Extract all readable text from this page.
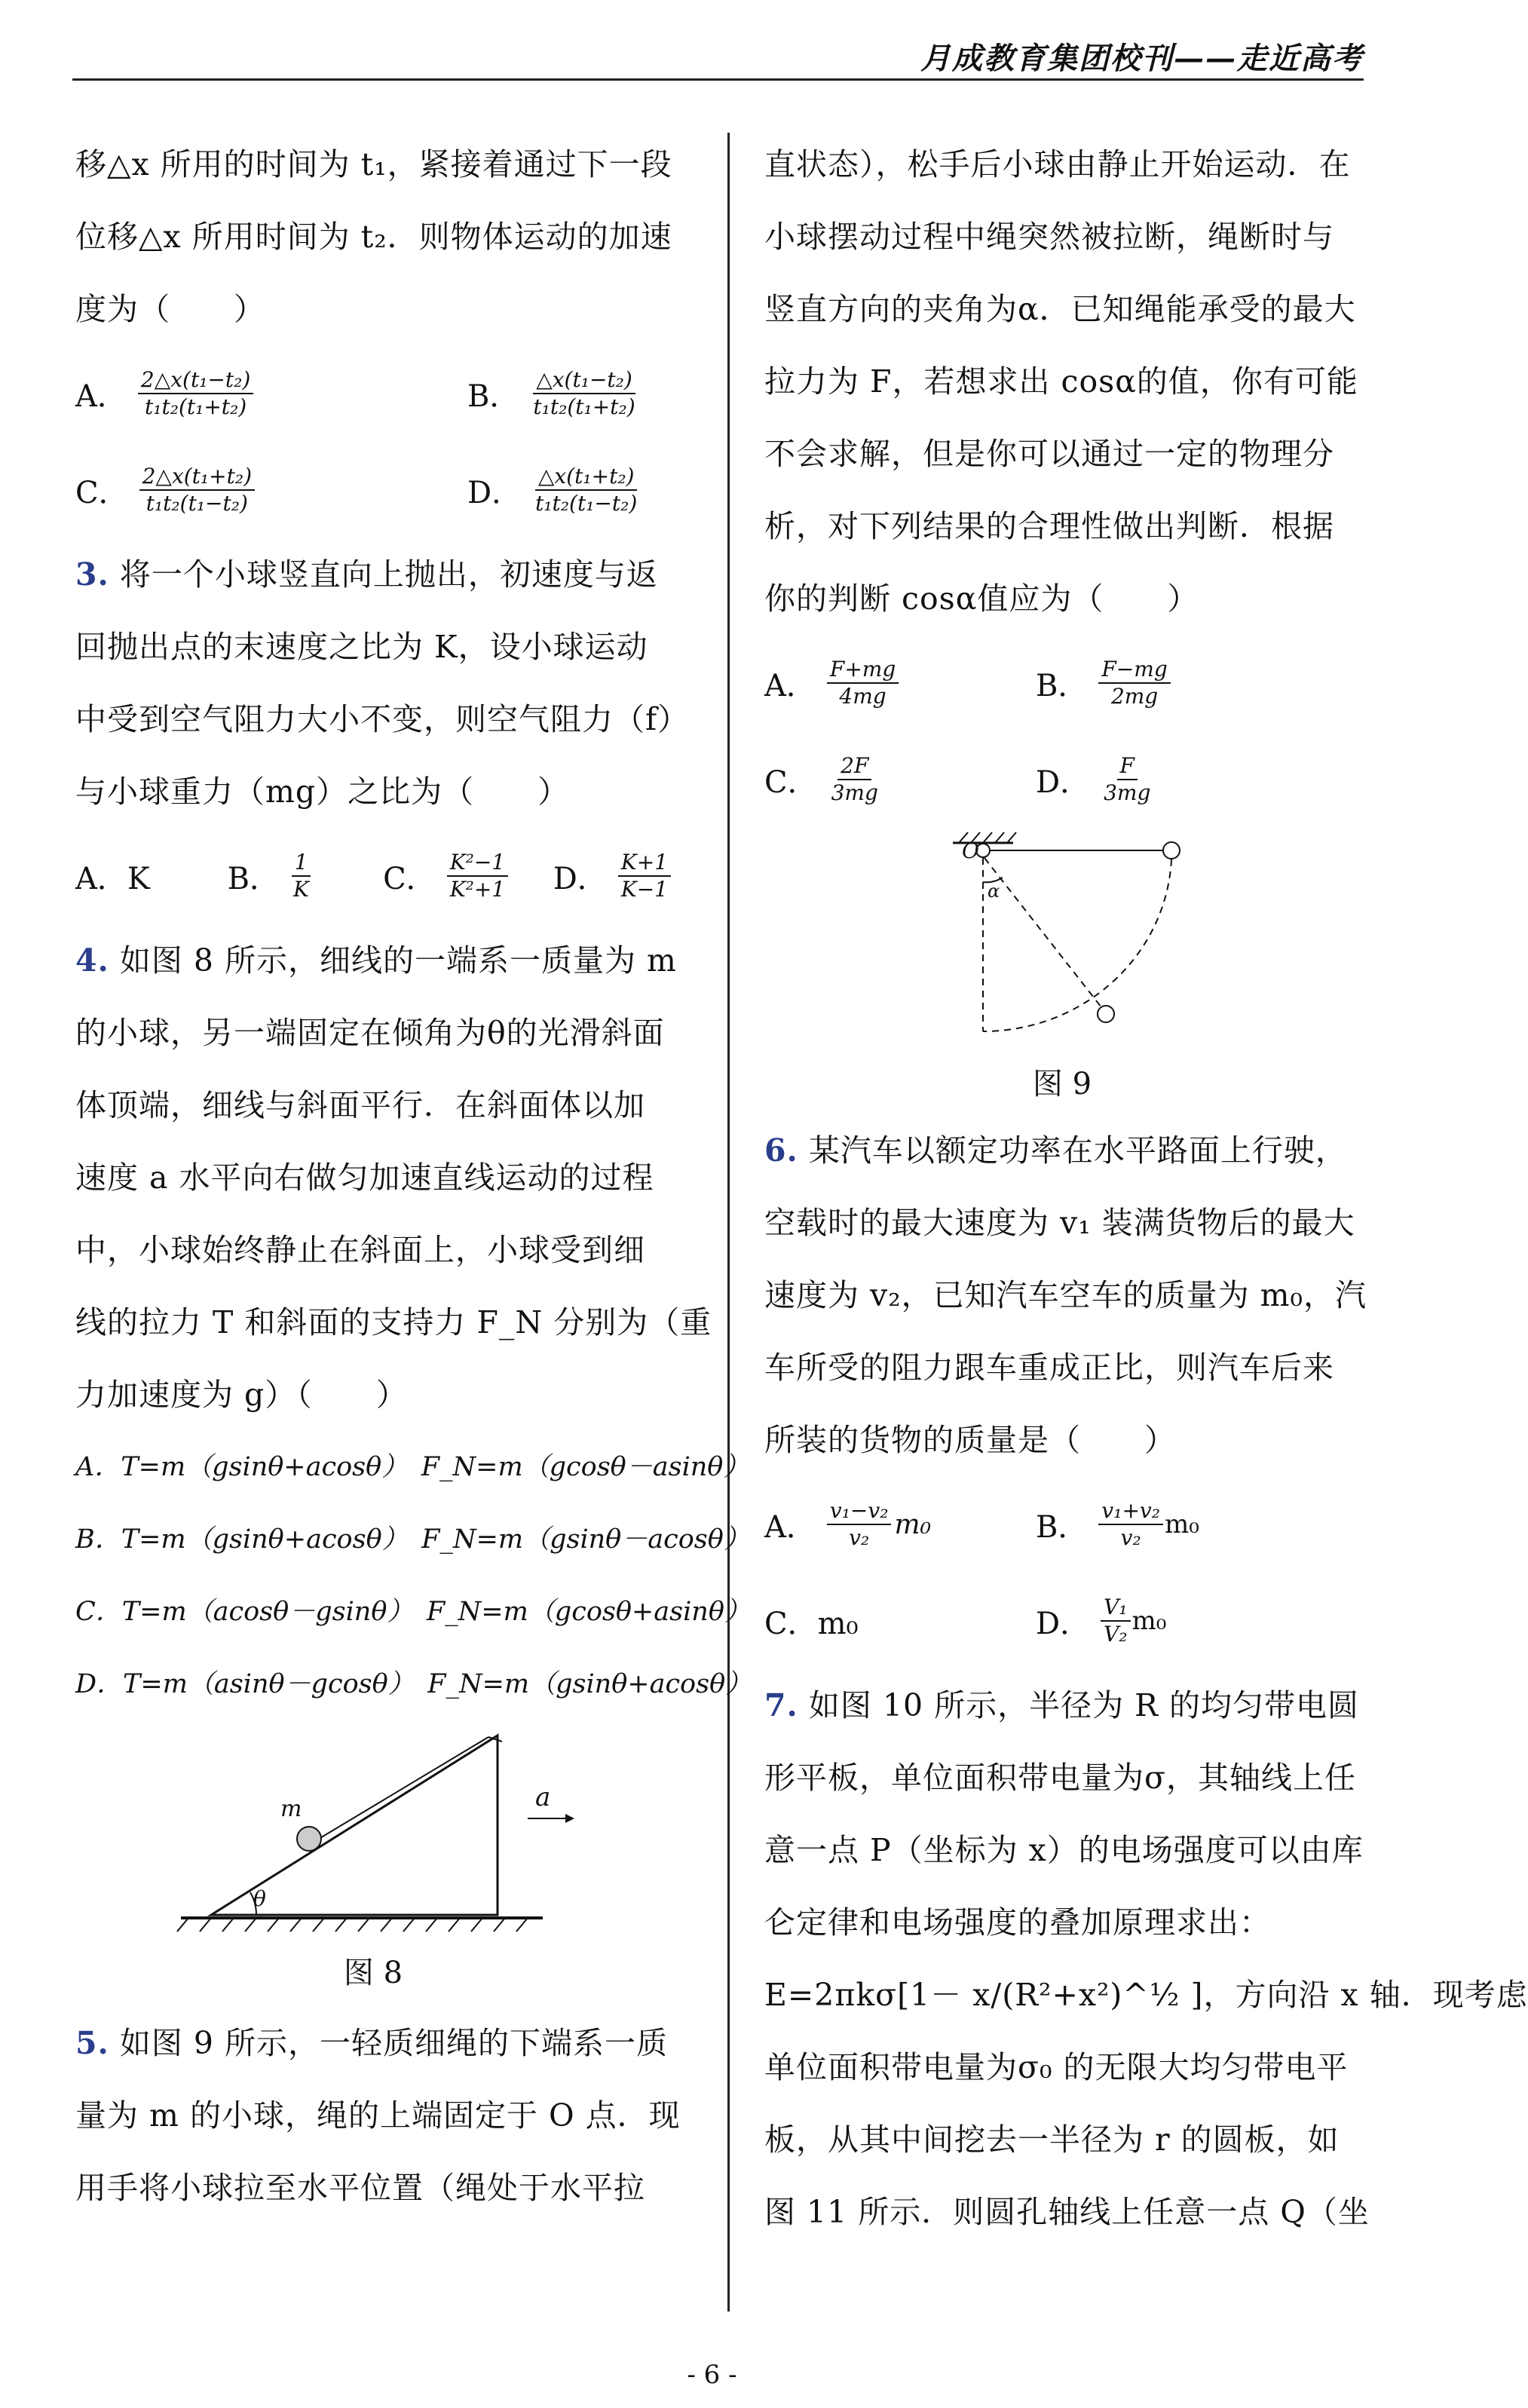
月成教育集团校刊——走近高考
移△x 所用的时间为 t₁，紧接着通过下一段
位移△x 所用时间为 t₂．则物体运动的加速
度为（　　）
A． $\frac{\text{2△x(t₁−t₂)}}{\text{t₁t₂(t₁+t₂)}}$	B． $\frac{\text{△x(t₁−t₂)}}{\text{t₁t₂(t₁+t₂)}}$
C． $\frac{\text{2△x(t₁+t₂)}}{\text{t₁t₂(t₁−t₂)}}$	D． $\frac{\text{△x(t₁+t₂)}}{\text{t₁t₂(t₁−t₂)}}$
3. 将一个小球竖直向上抛出，初速度与返
回抛出点的末速度之比为 K，设小球运动
中受到空气阻力大小不变，则空气阻力（f）
与小球重力（mg）之比为（　　）
A．K	B． $\frac{1}{K}$ C． $\frac{\text{K²−1}}{\text{K²+1}}$ D． $\frac{K+1}{K-1}$
4. 如图 8 所示，细线的一端系一质量为 m
的小球，另一端固定在倾角为θ的光滑斜面
体顶端，细线与斜面平行．在斜面体以加
速度 a 水平向右做匀加速直线运动的过程
中，小球始终静止在斜面上，小球受到细
线的拉力 T 和斜面的支持力 F_N 分别为（重
力加速度为 g）（　　）
A．T=m（gsinθ+acosθ）　F_N=m（gcosθ－asinθ）
B．T=m（gsinθ+acosθ）　F_N=m（gsinθ－acosθ）
C．T=m（acosθ－gsinθ）　F_N=m（gcosθ+asinθ）
D．T=m（asinθ－gcosθ）　F_N=m（gsinθ+acosθ）
m
θ
a
图 8
5. 如图 9 所示，一轻质细绳的下端系一质
量为 m 的小球，绳的上端固定于 O 点．现
用手将小球拉至水平位置（绳处于水平拉
直状态），松手后小球由静止开始运动．在
小球摆动过程中绳突然被拉断，绳断时与
竖直方向的夹角为α．已知绳能承受的最大
拉力为 F，若想求出 cosα的值，你有可能
不会求解，但是你可以通过一定的物理分
析，对下列结果的合理性做出判断．根据
你的判断 cosα值应为（　　）
A． $\frac{F+mg}{4mg}$	B． $\frac{F-mg}{2mg}$
C． $\frac{2F}{3mg}$	D． $\frac{F}{3mg}$
O
α
图 9
6. 某汽车以额定功率在水平路面上行驶，
空载时的最大速度为 v₁ 装满货物后的最大
速度为 v₂，已知汽车空车的质量为 m₀，汽
车所受的阻力跟车重成正比，则汽车后来
所装的货物的质量是（　　）
A． $\frac{\text{v₁−v₂}}{\text{v₂}} m_0$	B． $\frac{\text{v₁+v₂}}{\text{v₂}} m_0$
C．m₀	D． $\frac{\text{V₁}}{\text{V₂}} m_0$
7. 如图 10 所示，半径为 R 的均匀带电圆
形平板，单位面积带电量为σ，其轴线上任
意一点 P（坐标为 x）的电场强度可以由库
仑定律和电场强度的叠加原理求出：
E=2πkσ[1－ x/(R²+x²)^½ ]，方向沿 x 轴．现考虑
单位面积带电量为σ₀ 的无限大均匀带电平
板，从其中间挖去一半径为 r 的圆板，如
图 11 所示．则圆孔轴线上任意一点 Q（坐
- 6 -
